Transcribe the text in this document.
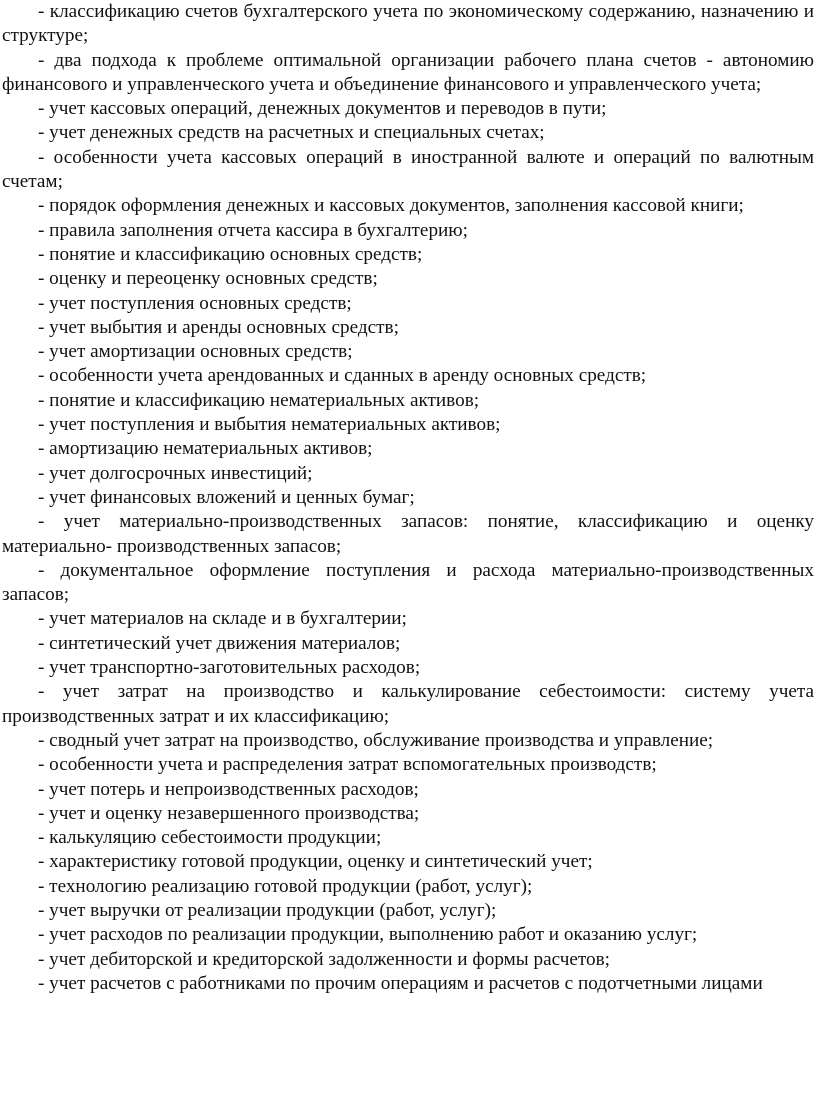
- классификацию счетов бухгалтерского учета по экономическому содержанию, назначению и структуре;
- два подхода к проблеме оптимальной организации рабочего плана счетов - автономию финансового и управленческого учета и объединение финансового и управленческого учета;
- учет кассовых операций, денежных документов и переводов в пути;
- учет денежных средств на расчетных и специальных счетах;
- особенности учета кассовых операций в иностранной валюте и операций по валютным счетам;
- порядок оформления денежных и кассовых документов, заполнения кассовой книги;
- правила заполнения отчета кассира в бухгалтерию;
- понятие и классификацию основных средств;
- оценку и переоценку основных средств;
- учет поступления основных средств;
- учет выбытия и аренды основных средств;
- учет амортизации основных средств;
- особенности учета арендованных и сданных в аренду основных средств;
- понятие и классификацию нематериальных активов;
- учет поступления и выбытия нематериальных активов;
- амортизацию нематериальных активов;
- учет долгосрочных инвестиций;
- учет финансовых вложений и ценных бумаг;
- учет материально-производственных запасов: понятие, классификацию и оценку материально- производственных запасов;
- документальное оформление поступления и расхода материально-производственных запасов;
- учет материалов на складе и в бухгалтерии;
- синтетический учет движения материалов;
- учет транспортно-заготовительных расходов;
- учет затрат на производство и калькулирование себестоимости: систему учета производственных затрат и их классификацию;
- сводный учет затрат на производство, обслуживание производства и управление;
- особенности учета и распределения затрат вспомогательных производств;
- учет потерь и непроизводственных расходов;
- учет и оценку незавершенного производства;
- калькуляцию себестоимости продукции;
- характеристику готовой продукции, оценку и синтетический учет;
- технологию реализацию готовой продукции (работ, услуг);
- учет выручки от реализации продукции (работ, услуг);
- учет расходов по реализации продукции, выполнению работ и оказанию услуг;
- учет дебиторской и кредиторской задолженности и формы расчетов;
- учет расчетов с работниками по прочим операциям и расчетов с подотчетными лицами
